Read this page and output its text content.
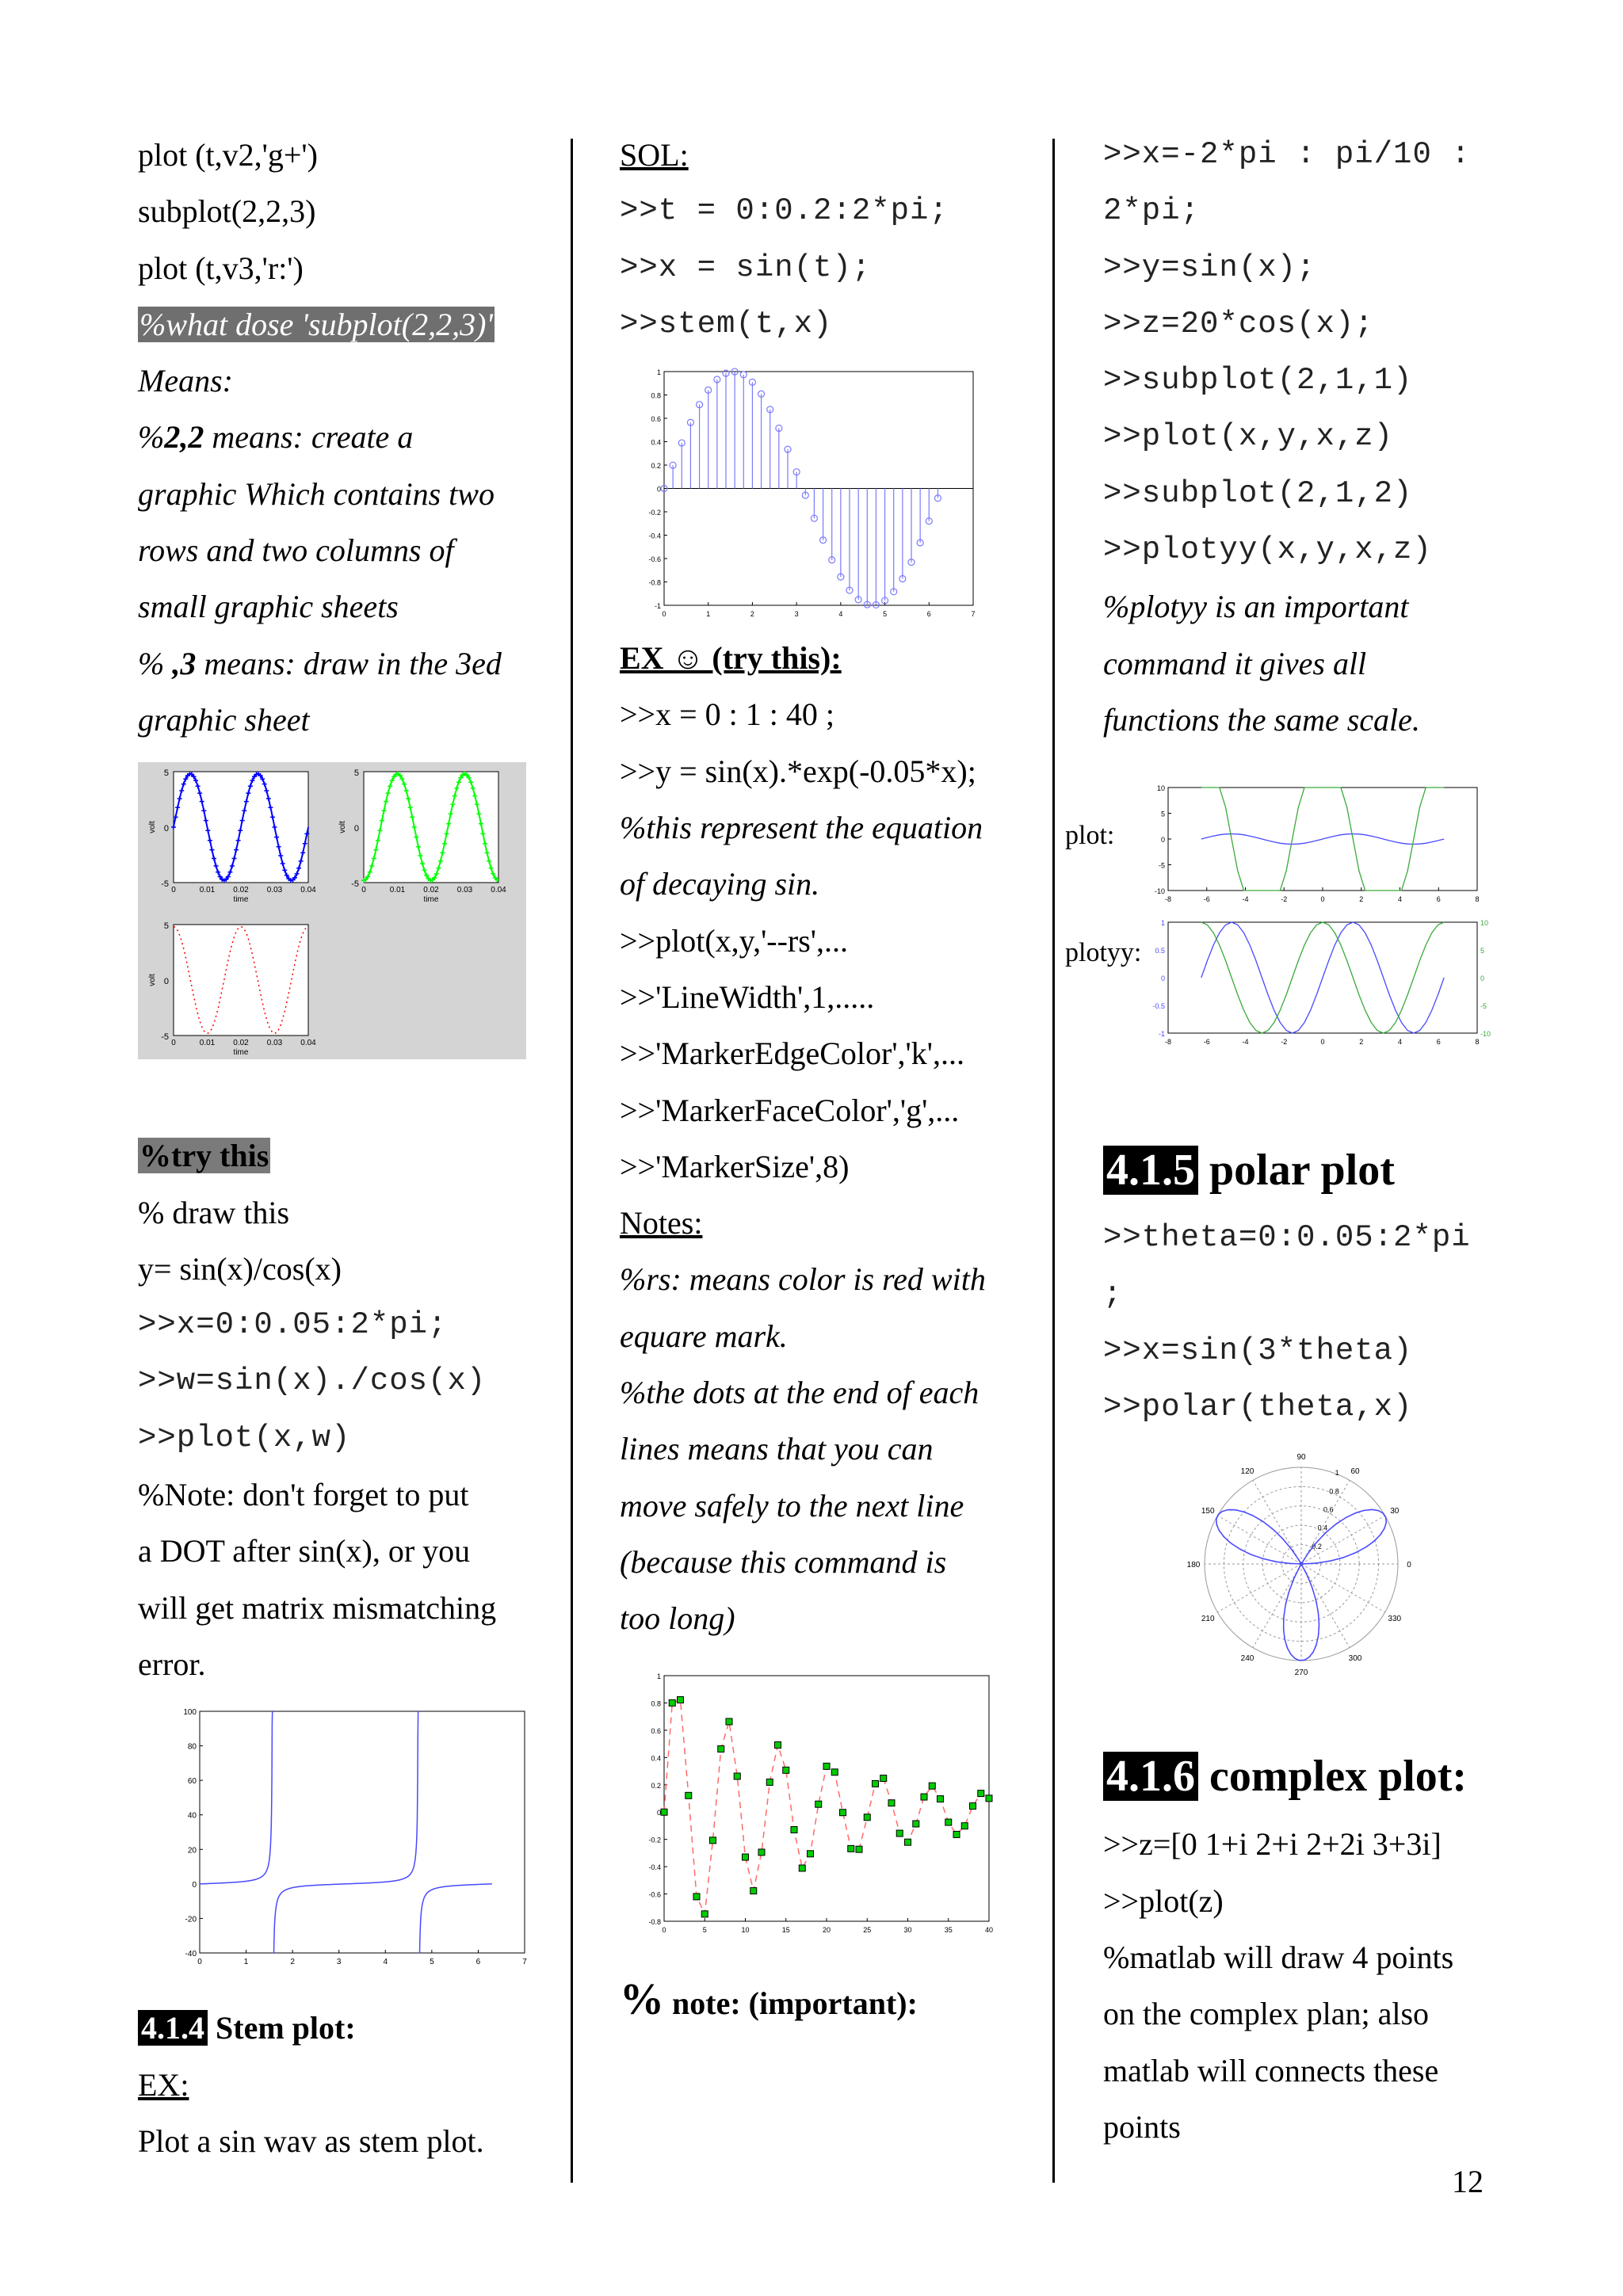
plot (t,v2,'g+')
subplot(2,2,3)
plot (t,v3,'r:')
%what dose 'subplot(2,2,3)'
Means:
%2,2 means: create a
graphic Which contains two
rows and two columns of
small graphic sheets
% ,3 means: draw in the 3ed
graphic sheet
5
0
-5
0	0.01 0.02 0.03 0.04
time
volt
5
0
-5
0	0.01 0.02 0.03 0.04
time
volt
5
0
-5
0	0.01 0.02 0.03 0.04
time
volt
%try this
% draw this
y= sin(x)/cos(x)
>>x=0:0.05:2*pi;
>>w=sin(x)./cos(x)
>>plot(x,w)
%Note: don't forget to put
a DOT after sin(x), or you
will get matrix mismatching
error.
0	1	2	3	4	5	6	7
100
80
60
40
20
0
-20
-40
4.1.4 Stem plot:
EX:
Plot a sin wav as stem plot.
SOL:
>>t = 0:0.2:2*pi;
>>x = sin(t);
>>stem(t,x)
0	1	2	3	4	5	6	7
1
0.8
0.6
0.4
0.2
0
-0.2
-0.4
-0.6
-0.8
-1
EX ☺ (try this):
>>x = 0 : 1 : 40 ;
>>y = sin(x).*exp(-0.05*x);
%this represent the equation
of decaying sin.
>>plot(x,y,'--rs',...
>>'LineWidth',1,.....
>>'MarkerEdgeColor','k',...
>>'MarkerFaceColor','g',...
>>'MarkerSize',8)
Notes:
%rs: means color is red with
equare mark.
%the dots at the end of each
lines means that you can
move safely to the next line
(because this command is
too long)
0	5	10	15	20	25	30	35	40
1
0.8
0.6
0.4
0.2
0
-0.2
-0.4
-0.6
-0.8
% note: (important):
>>x=-2*pi : pi/10 :
2*pi;
>>y=sin(x);
>>z=20*cos(x);
>>subplot(2,1,1)
>>plot(x,y,x,z)
>>subplot(2,1,2)
>>plotyy(x,y,x,z)
%plotyy is an important
command it gives all
functions the same scale.
plot:
plotyy:
-8	-6	-4	-2	0	2	4	6	8
10
5
0
-5
-10
-8	-6	-4	-2	0	2	4	6	8
1
0.5
0
-0.5
-1
10
5
0
-5
-10
4.1.5 polar plot
>>theta=0:0.05:2*pi
;
>>x=sin(3*theta)
>>polar(theta,x)
90
60
30
0
330
300
270
240
210
180
150
120
0.2
0.4
0.6
0.8
1
4.1.6 complex plot:
>>z=[0 1+i 2+i 2+2i 3+3i]
>>plot(z)
%matlab will draw 4 points
on the complex plan; also
matlab will connects these
points
12
